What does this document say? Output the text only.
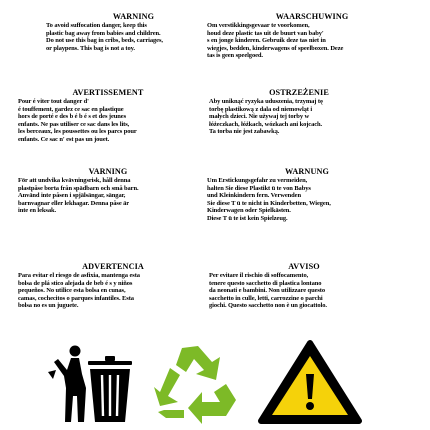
WARNING
To avoid suffocation danger, keep this
plastic bag away from babies and children.
Do not use this bag in cribs, beds, carriages,
or playpens. This bag is not a toy.
WAARSCHUWING
Om verstikkingsgevaar te voorkomen,
houd deze plastic tas uit de buurt van baby'
s en jonge kinderen. Gebruik deze tas niet in
wiegjes, bedden, kinderwagens of speelboxen. Deze
tas is geen speelgoed.
AVERTISSEMENT
Pour é viter tout danger d'
é touffement, gardez ce sac en plastique
hors de porté e des b é b é s et des jeunes
enfants. Ne pas utiliser ce sac dans les lits,
les berceaux, les poussettes ou les parcs pour
enfants. Ce sac n' est pas un jouet.
OSTRZEŻENIE
Aby uniknąć ryzyka uduszenia, trzymaj tę
torbę plastikową z dala od niemowląt i
małych dzieci. Nie używaj tej torby w
łóżeczkach, łóżkach, wózkach ani kojcach.
Ta torba nie jest zabawką.
VARNING
För att undvika kvävningsrisk, håll denna
plastpåse borta från spädbarn och små barn.
Använd inte påsen i spjälsängar, sängar,
barnvagnar eller lekhagar. Denna påse är
inte en leksak.
WARNUNG
Um Erstickungsgefahr zu vermeiden,
halten Sie diese Plastikt ü te von Babys
und Kleinkindern fern. Verwenden
Sie diese T ü te nicht in Kinderbetten, Wiegen,
Kinderwagen oder Spielkästen.
Diese T ü te ist kein Spielzeug.
ADVERTENCIA
Para evitar el riesgo de asfixia, mantenga esta
bolsa de plá stico alejada de beb é s y niños
pequeños. No utilice esta bolsa en cunas,
camas, cochecitos o parques infantiles. Esta
bolsa no es un juguete.
AVVISO
Per evitare il rischio di soffocamento,
tenere questo sacchetto di plastica lontano
da neonati e bambini. Non utilizzare questo
sacchetto in culle, letti, carrozzine o parchi
giochi. Questo sacchetto non è un giocattolo.
